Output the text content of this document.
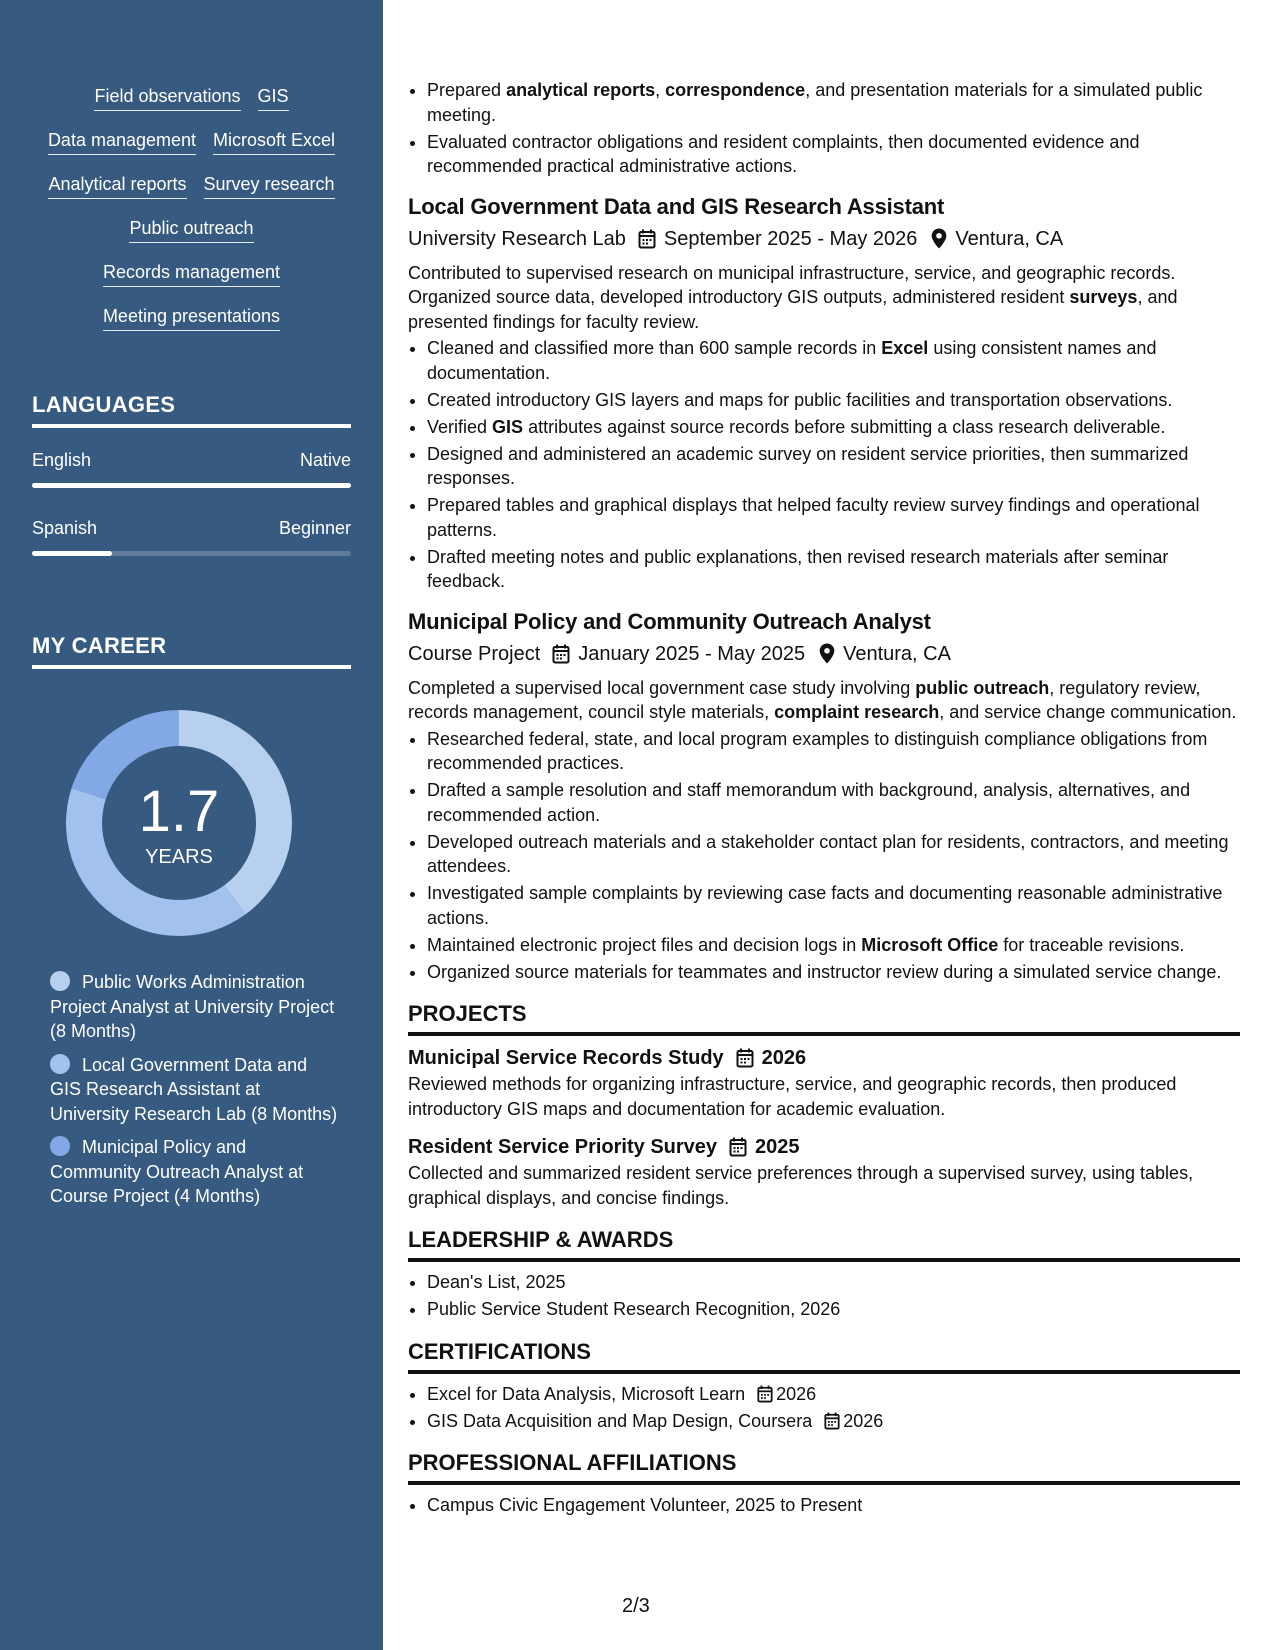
Field observations GIS
Data management Microsoft Excel
Analytical reports Survey research
Public outreach
Records management
Meeting presentations
LANGUAGES
English	Native
Spanish	Beginner
MY CAREER
1.7
YEARS
Public Works Administration Project Analyst at University Project (8 Months)
Local Government Data and GIS Research Assistant at University Research Lab (8 Months)
Municipal Policy and Community Outreach Analyst at Course Project (4 Months)
• Prepared analytical reports, correspondence, and presentation materials for a simulated public meeting.
• Evaluated contractor obligations and resident complaints, then documented evidence and recommended practical administrative actions.
Local Government Data and GIS Research Assistant
University Research Lab September 2025 - May 2026 Ventura, CA

Contributed to supervised research on municipal infrastructure, service, and geographic records. Organized source data, developed introductory GIS outputs, administered resident surveys, and presented findings for faculty review.

• Cleaned and classified more than 600 sample records in Excel using consistent names and documentation.
• Created introductory GIS layers and maps for public facilities and transportation observations.
• Verified GIS attributes against source records before submitting a class research deliverable.
• Designed and administered an academic survey on resident service priorities, then summarized responses.
• Prepared tables and graphical displays that helped faculty review survey findings and operational patterns.
• Drafted meeting notes and public explanations, then revised research materials after seminar feedback.
Municipal Policy and Community Outreach Analyst
Course Project January 2025 - May 2025 Ventura, CA

Completed a supervised local government case study involving public outreach, regulatory review, records management, council style materials, complaint research, and service change communication.

• Researched federal, state, and local program examples to distinguish compliance obligations from recommended practices.
• Drafted a sample resolution and staff memorandum with background, analysis, alternatives, and recommended action.
• Developed outreach materials and a stakeholder contact plan for residents, contractors, and meeting attendees.
• Investigated sample complaints by reviewing case facts and documenting reasonable administrative actions.
• Maintained electronic project files and decision logs in Microsoft Office for traceable revisions.
• Organized source materials for teammates and instructor review during a simulated service change.
PROJECTS
Municipal Service Records Study 2026

Reviewed methods for organizing infrastructure, service, and geographic records, then produced introductory GIS maps and documentation for academic evaluation.

Resident Service Priority Survey 2025

Collected and summarized resident service preferences through a supervised survey, using tables, graphical displays, and concise findings.

LEADERSHIP & AWARDS
• Dean's List, 2025
• Public Service Student Research Recognition, 2026
CERTIFICATIONS
• Excel for Data Analysis, Microsoft Learn 2026
• GIS Data Acquisition and Map Design, Coursera 2026
PROFESSIONAL AFFILIATIONS
• Campus Civic Engagement Volunteer, 2025 to Present
2/3
